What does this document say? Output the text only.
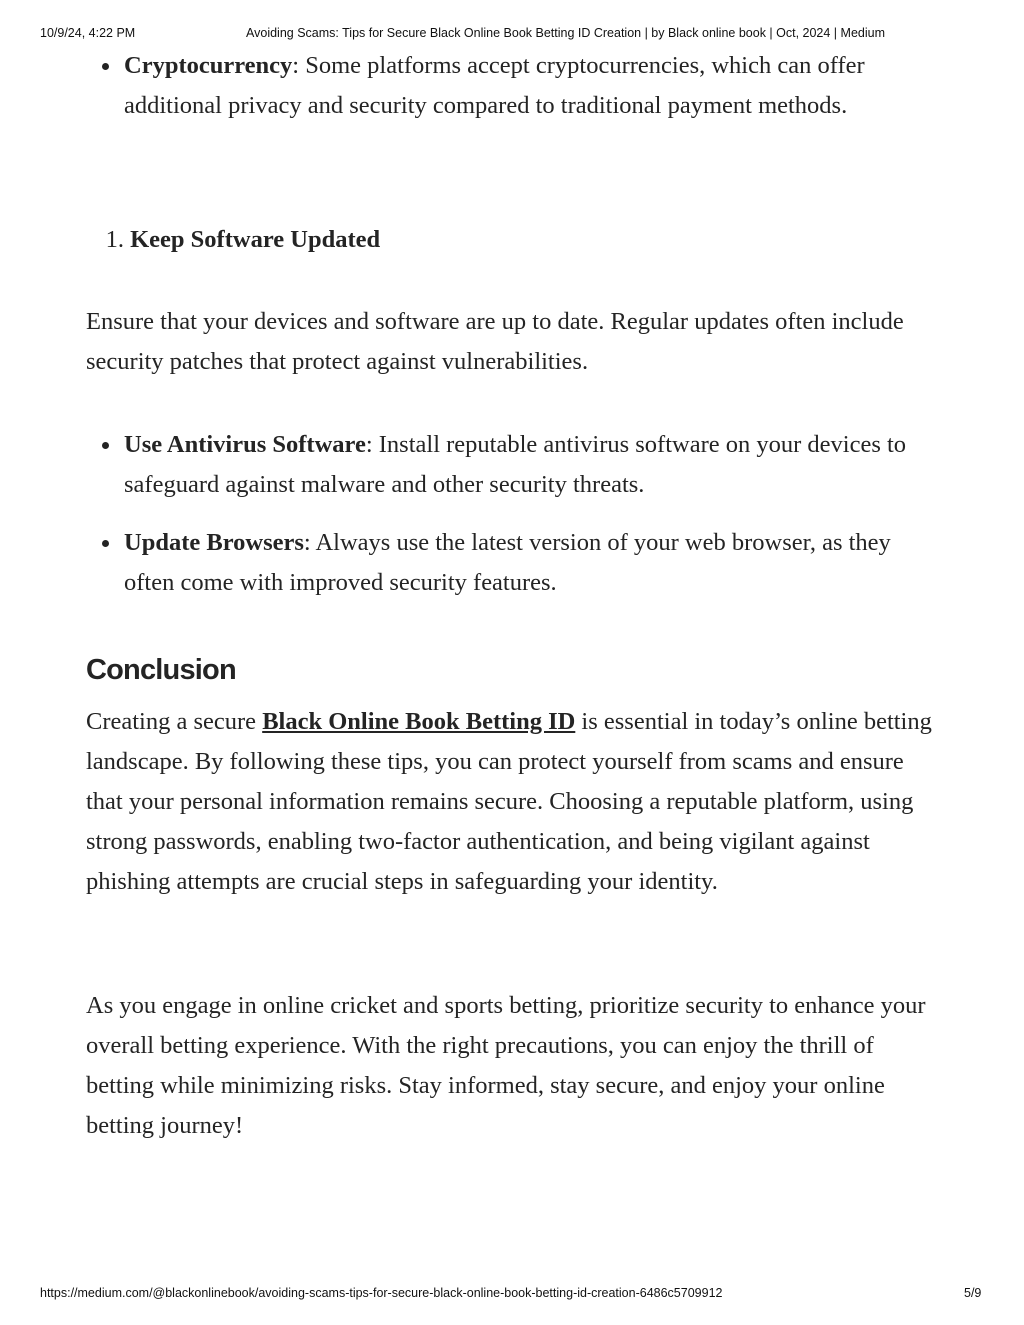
10/9/24, 4:22 PM	Avoiding Scams: Tips for Secure Black Online Book Betting ID Creation | by Black online book | Oct, 2024 | Medium
Cryptocurrency: Some platforms accept cryptocurrencies, which can offer additional privacy and security compared to traditional payment methods.
1. Keep Software Updated

Ensure that your devices and software are up to date. Regular updates often include security patches that protect against vulnerabilities.

Use Antivirus Software: Install reputable antivirus software on your devices to safeguard against malware and other security threats.
Update Browsers: Always use the latest version of your web browser, as they often come with improved security features.
Conclusion

Creating a secure Black Online Book Betting ID is essential in today’s online betting landscape. By following these tips, you can protect yourself from scams and ensure that your personal information remains secure. Choosing a reputable platform, using strong passwords, enabling two-factor authentication, and being vigilant against phishing attempts are crucial steps in safeguarding your identity.

As you engage in online cricket and sports betting, prioritize security to enhance your overall betting experience. With the right precautions, you can enjoy the thrill of betting while minimizing risks. Stay informed, stay secure, and enjoy your online betting journey!

https://medium.com/@blackonlinebook/avoiding-scams-tips-for-secure-black-online-book-betting-id-creation-6486c5709912	5/9
